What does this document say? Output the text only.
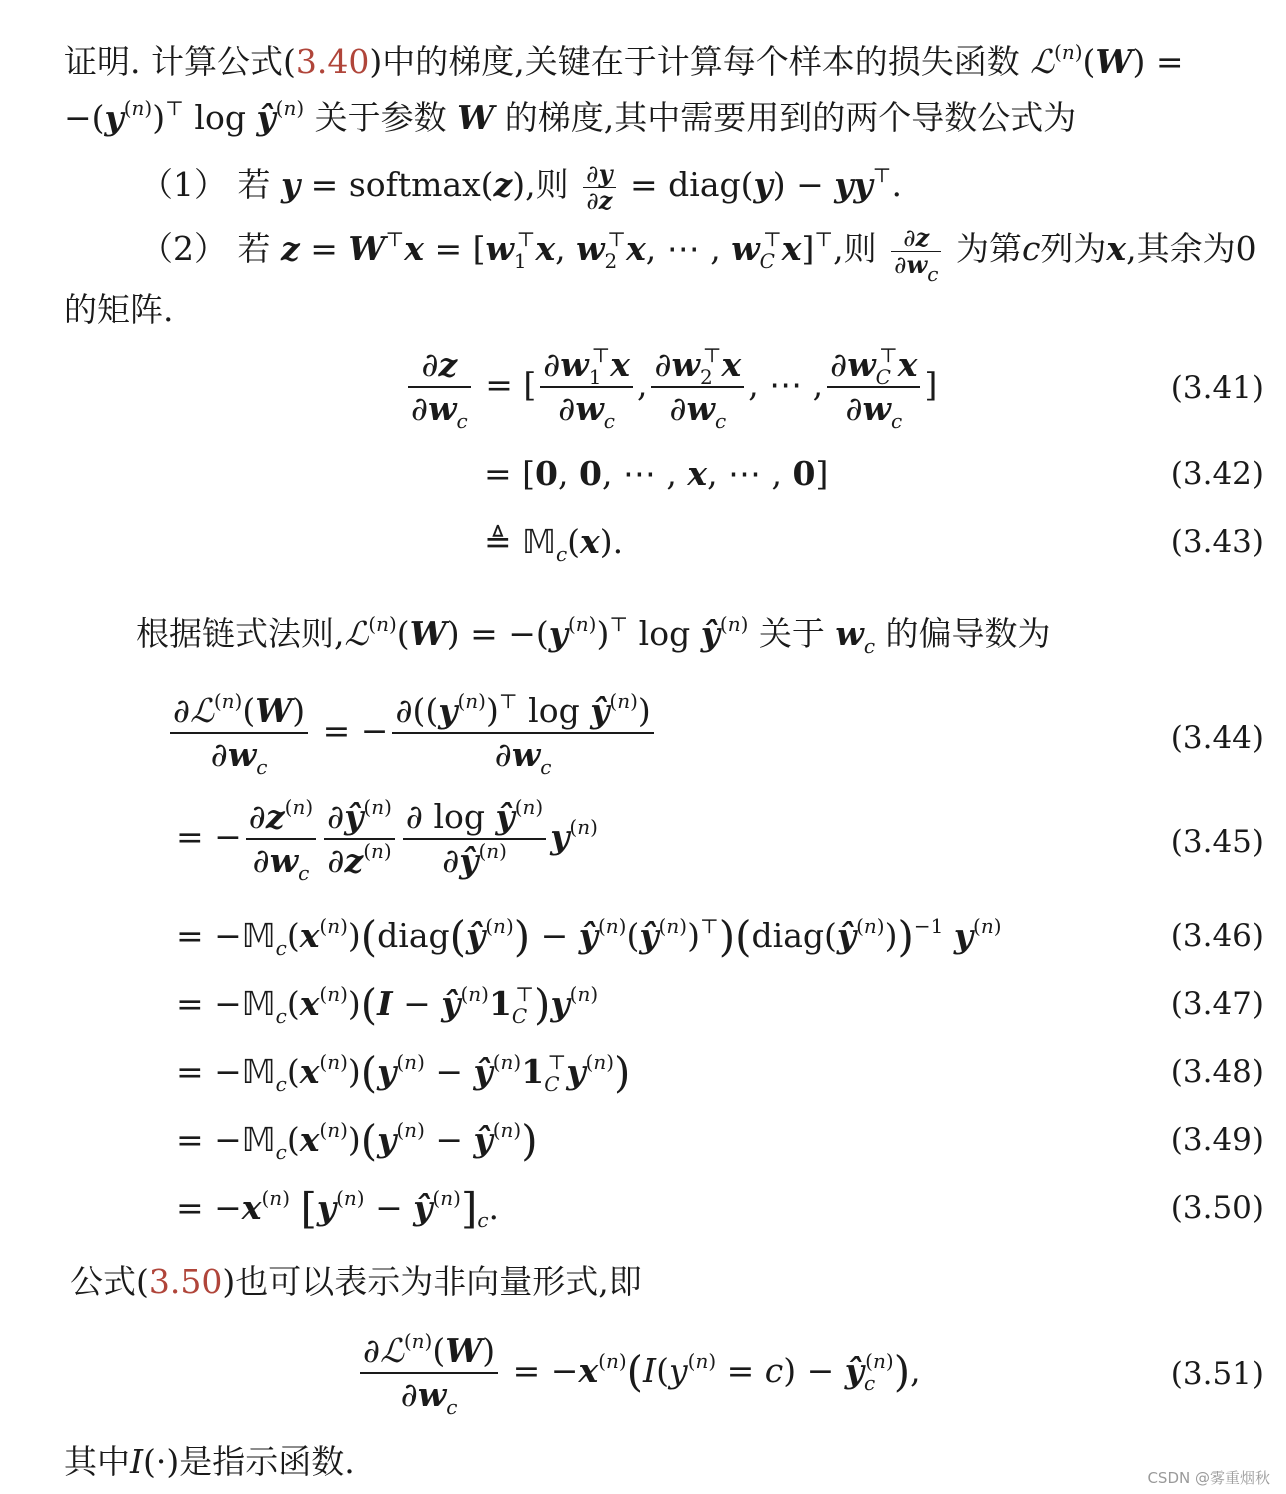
证明. 计算公式(3.40)中的梯度,关键在于计算每个样本的损失函数 ℒ$^{(n)}$(W) =
$-(y^{(n)})^⊤$ $\log ŷ^{(n)}$ 关于参数 W 的梯度,其中需要用到的两个导数公式为
（1） 若 y = softmax(z),则 $\frac{\partial y}{\partial z}$ = diag(y) − yy⊤.
（2） 若 $z = W^⊤x = [w_1^⊤x$, $w_2^⊤x$, ⋯ , $w_C^⊤x]^⊤$,则 $\frac{\partial z}{\partial w_c}$ 为第c列为x,其余为0
的矩阵.
$\frac{\partial z}{\partial w_c}$ = [ $\frac{\partial w_1^⊤x}{\partial w_c}$ , $\frac{\partial w_2^⊤x}{\partial w_c}$ , ⋯ , $\frac{\partial w_C^⊤x}{\partial w_c}$ ]	(3.41)
= [0, 0, ⋯ , x, ⋯ , 0]	(3.42)
≜ 𝕄$_c$(x).	(3.43)
根据链式法则,ℒ$^{(n)}$(W) = $-(y^{(n)})^⊤$ $\log ŷ^{(n)}$ 关于 $w_c$ 的偏导数为
$\frac{\partial ℒ^{(n)}(W)}{\partial w_c}$ = − $\frac{\partial((y^{(n)})^⊤ \log ŷ^{(n)})}{\partial w_c}$	(3.44)
= − $\frac{\partial z^{(n)}}{\partial w_c} \frac{\partial ŷ^{(n)}}{\partial z^{(n)}} \frac{\partial \log ŷ^{(n)}}{\partial ŷ^{(n)}} y^{(n)}$	(3.45)
= $-𝕄_c(x^{(n)})(diag(ŷ^{(n)})$ − $ŷ^{(n)}(ŷ^{(n)})^⊤)(diag(ŷ^{(n)}))^{-1}$ $y^{(n)}$	(3.46)
= $-𝕄_c(x^{(n)})(I$ − $ŷ^{(n)}1_C^⊤)y^{(n)}$	(3.47)
= $-𝕄_c(x^{(n)})(y^{(n)}$ − $ŷ^{(n)}1_C^⊤y^{(n)}$)	(3.48)
= $-𝕄_c(x^{(n)})(y^{(n)}$ − $ŷ^{(n)}$)	(3.49)
= $-x^{(n)}$ [$y^{(n)}$ − $ŷ^{(n)}]_c$.	(3.50)
公式(3.50)也可以表示为非向量形式,即
$\frac{\partial ℒ^{(n)}(W)}{\partial w_c} = -x^{(n)}(I(y^{(n)} = c)$ − $ŷ_c^{(n)}$),	(3.51)
其中I(·)是指示函数.	CSDN @雾重烟秋
